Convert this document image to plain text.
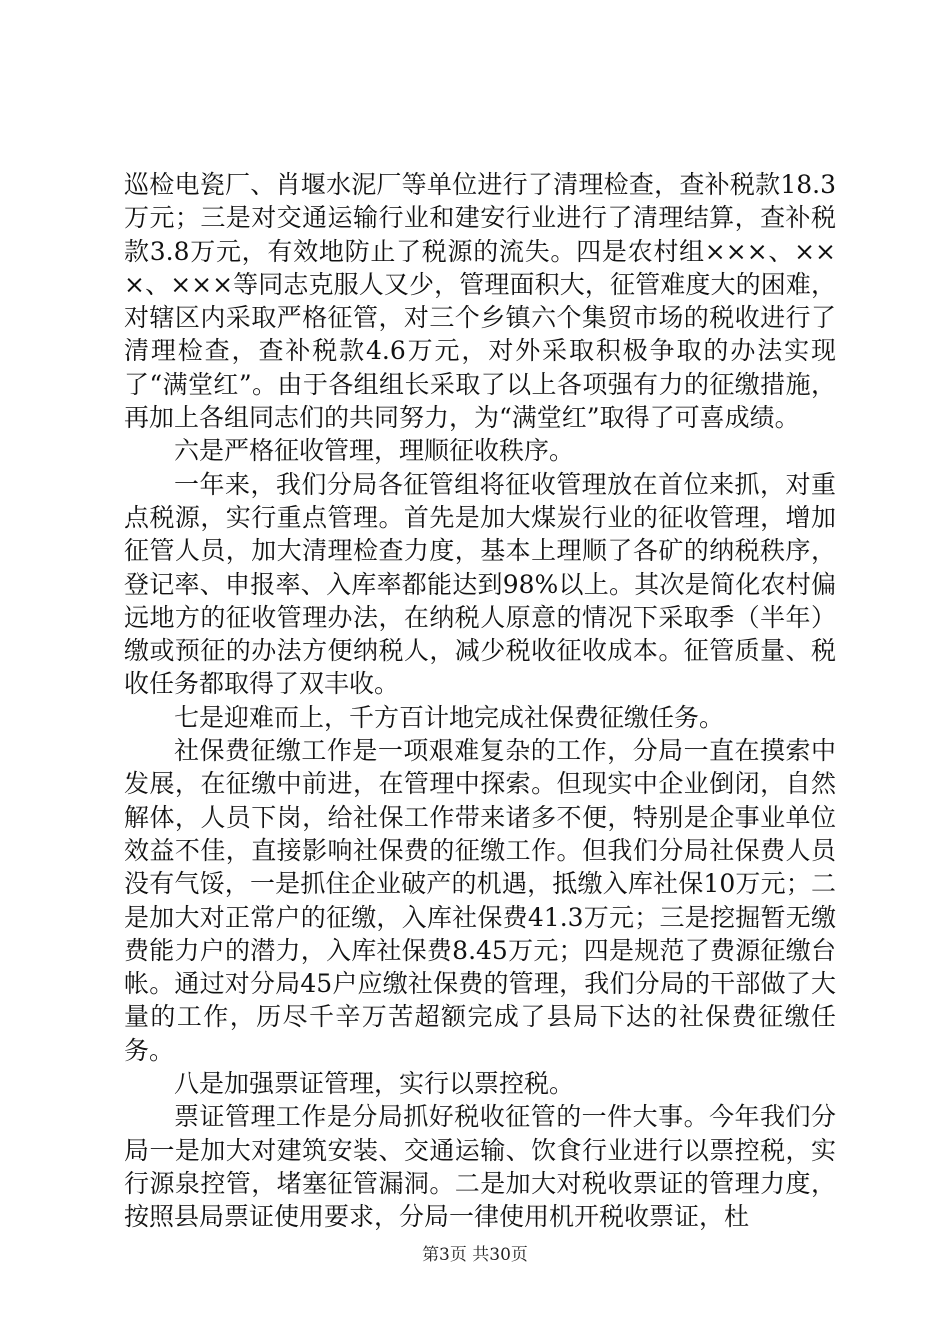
巡检电瓷厂、肖堰水泥厂等单位进行了清理检查，查补税款18.3万元；三是对交通运输行业和建安行业进行了清理结算，查补税款3.8万元，有效地防止了税源的流失。四是农村组×××、×××、×××等同志克服人又少，管理面积大，征管难度大的困难，对辖区内采取严格征管，对三个乡镇六个集贸市场的税收进行了清理检查，查补税款4.6万元，对外采取积极争取的办法实现了“满堂红”。由于各组组长采取了以上各项强有力的征缴措施，再加上各组同志们的共同努力，为“满堂红”取得了可喜成绩。

六是严格征收管理，理顺征收秩序。

一年来，我们分局各征管组将征收管理放在首位来抓，对重点税源，实行重点管理。首先是加大煤炭行业的征收管理，增加征管人员，加大清理检查力度，基本上理顺了各矿的纳税秩序，登记率、申报率、入库率都能达到98%以上。其次是简化农村偏远地方的征收管理办法，在纳税人原意的情况下采取季（半年）缴或预征的办法方便纳税人，减少税收征收成本。征管质量、税收任务都取得了双丰收。

七是迎难而上，千方百计地完成社保费征缴任务。

社保费征缴工作是一项艰难复杂的工作，分局一直在摸索中发展，在征缴中前进，在管理中探索。但现实中企业倒闭，自然解体，人员下岗，给社保工作带来诸多不便，特别是企事业单位效益不佳，直接影响社保费的征缴工作。但我们分局社保费人员没有气馁，一是抓住企业破产的机遇，抵缴入库社保10万元；二是加大对正常户的征缴，入库社保费41.3万元；三是挖掘暂无缴费能力户的潜力，入库社保费8.45万元；四是规范了费源征缴台帐。通过对分局45户应缴社保费的管理，我们分局的干部做了大量的工作，历尽千辛万苦超额完成了县局下达的社保费征缴任务。

八是加强票证管理，实行以票控税。

票证管理工作是分局抓好税收征管的一件大事。今年我们分局一是加大对建筑安装、交通运输、饮食行业进行以票控税，实行源泉控管，堵塞征管漏洞。二是加大对税收票证的管理力度，按照县局票证使用要求，分局一律使用机开税收票证，杜

第3页 共30页
